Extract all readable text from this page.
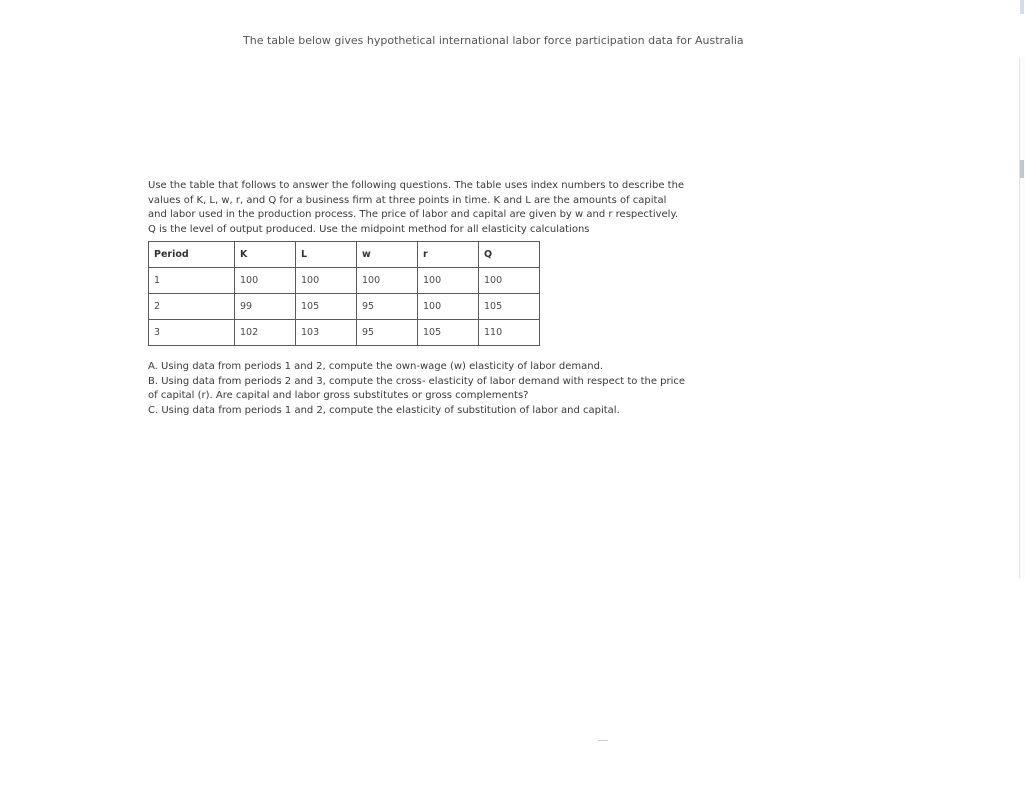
The table below gives hypothetical international labor force participation data for Australia
Use the table that follows to answer the following questions. The table uses index numbers to describe the values of K, L, w, r, and Q for a business firm at three points in time. K and L are the amounts of capital and labor used in the production process. The price of labor and capital are given by w and r respectively. Q is the level of output produced. Use the midpoint method for all elasticity calculations
Period	K	L	w	r	Q
1	100	100	100	100	100
2	99	105	95	100	105
3	102	103	95	105	110

A. Using data from periods 1 and 2, compute the own-wage (w) elasticity of labor demand.

B. Using data from periods 2 and 3, compute the cross- elasticity of labor demand with respect to the price of capital (r). Are capital and labor gross substitutes or gross complements?

C. Using data from periods 1 and 2, compute the elasticity of substitution of labor and capital.
